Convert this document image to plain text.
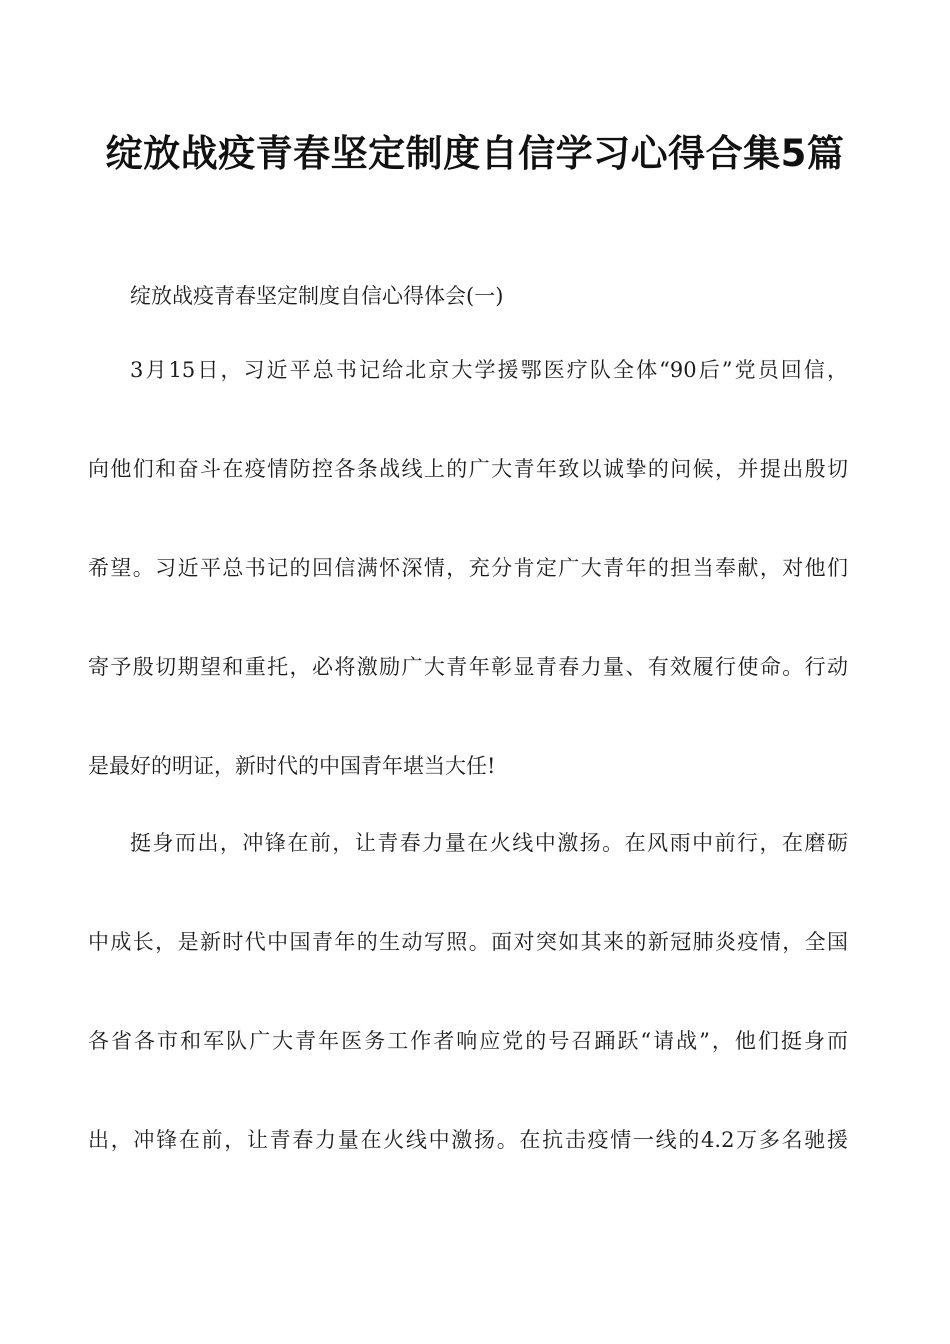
绽放战疫青春坚定制度自信学习心得合集5篇

绽放战疫青春坚定制度自信心得体会(一)

3月15日，习近平总书记给北京大学援鄂医疗队全体“90后”党员回信，

向他们和奋斗在疫情防控各条战线上的广大青年致以诚挚的问候，并提出殷切

希望。习近平总书记的回信满怀深情，充分肯定广大青年的担当奉献，对他们

寄予殷切期望和重托，必将激励广大青年彰显青春力量、有效履行使命。行动

是最好的明证，新时代的中国青年堪当大任!

挺身而出，冲锋在前，让青春力量在火线中激扬。在风雨中前行，在磨砺

中成长，是新时代中国青年的生动写照。面对突如其来的新冠肺炎疫情，全国

各省各市和军队广大青年医务工作者响应党的号召踊跃“请战”，他们挺身而

出，冲锋在前，让青春力量在火线中激扬。在抗击疫情一线的4.2万多名驰援
